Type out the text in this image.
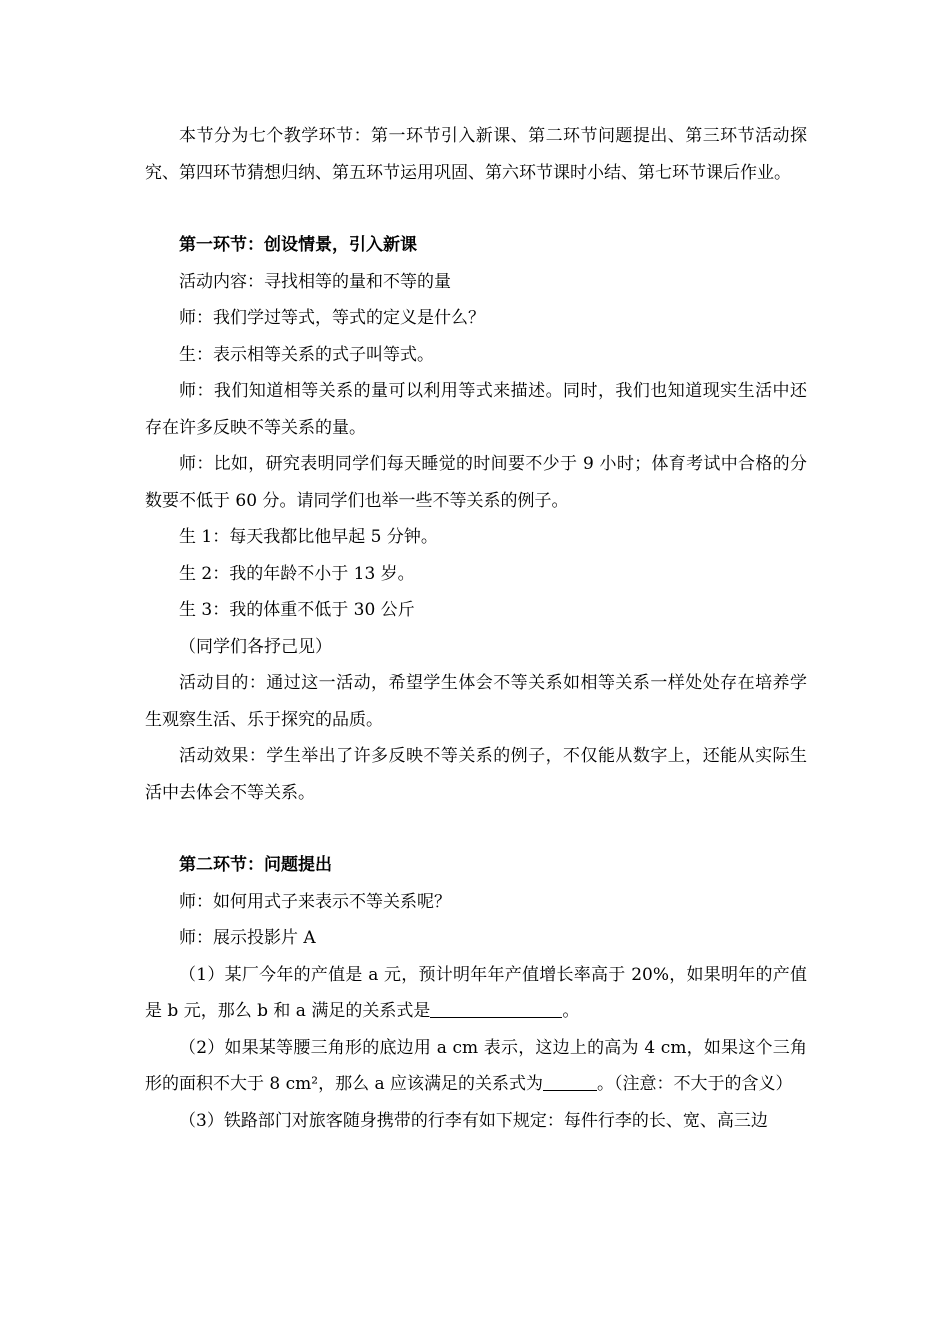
本节分为七个教学环节：第一环节引入新课、第二环节问题提出、第三环节活动探究、第四环节猜想归纳、第五环节运用巩固、第六环节课时小结、第七环节课后作业。

第一环节：创设情景，引入新课

活动内容：寻找相等的量和不等的量

师：我们学过等式，等式的定义是什么？

生：表示相等关系的式子叫等式。

师：我们知道相等关系的量可以利用等式来描述。同时，我们也知道现实生活中还存在许多反映不等关系的量。

师：比如，研究表明同学们每天睡觉的时间要不少于 9 小时；体育考试中合格的分数要不低于 60 分。请同学们也举一些不等关系的例子。

生 1：每天我都比他早起 5 分钟。

生 2：我的年龄不小于 13 岁。

生 3：我的体重不低于 30 公斤

（同学们各抒己见）

活动目的：通过这一活动，希望学生体会不等关系如相等关系一样处处存在培养学生观察生活、乐于探究的品质。

活动效果：学生举出了许多反映不等关系的例子，不仅能从数字上，还能从实际生活中去体会不等关系。

第二环节：问题提出

师：如何用式子来表示不等关系呢？

师：展示投影片 A

（1）某厂今年的产值是 a 元，预计明年年产值增长率高于 20%，如果明年的产值是 b 元，那么 b 和 a 满足的关系式是	。

（2）如果某等腰三角形的底边用 a cm 表示，这边上的高为 4 cm，如果这个三角形的面积不大于 8 cm²，那么 a 应该满足的关系式为	。（注意：不大于的含义）

（3）铁路部门对旅客随身携带的行李有如下规定：每件行李的长、宽、高三边
